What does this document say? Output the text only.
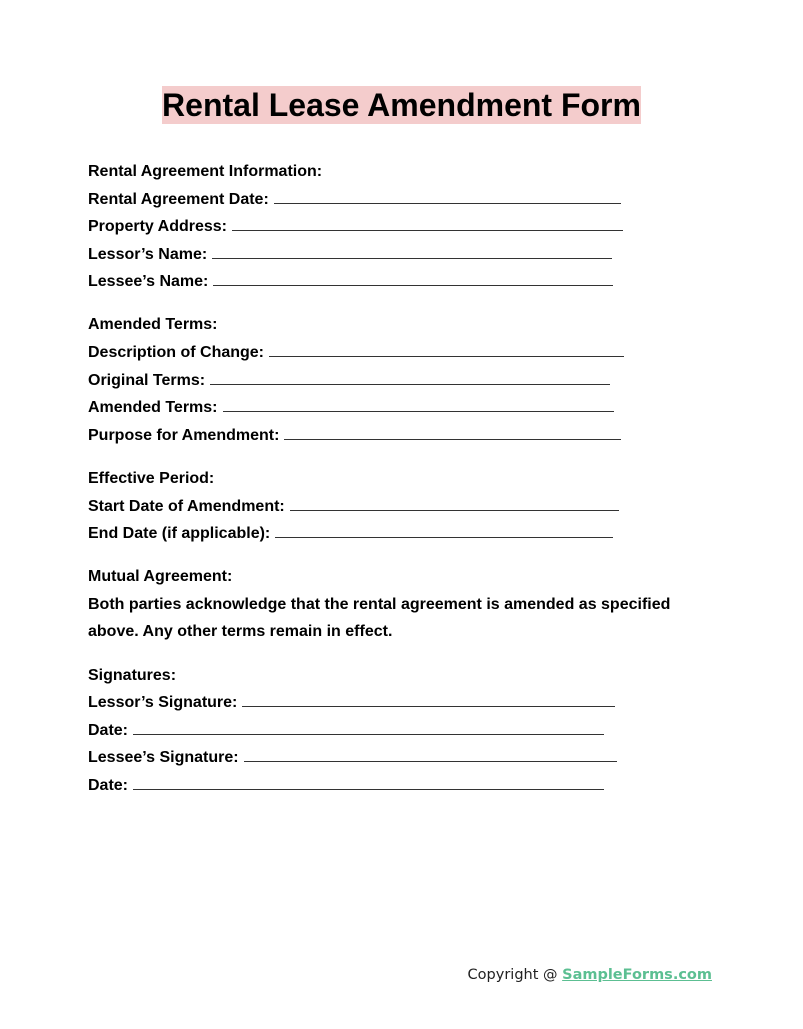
Rental Lease Amendment Form
Rental Agreement Information:
Rental Agreement Date:
Property Address:
Lessor’s Name:
Lessee’s Name:
Amended Terms:
Description of Change:
Original Terms:
Amended Terms:
Purpose for Amendment:
Effective Period:
Start Date of Amendment:
End Date (if applicable):
Mutual Agreement:
Both parties acknowledge that the rental agreement is amended as specified above. Any other terms remain in effect.
Signatures:
Lessor’s Signature:
Date:
Lessee’s Signature:
Date:
Copyright @ SampleForms.com
